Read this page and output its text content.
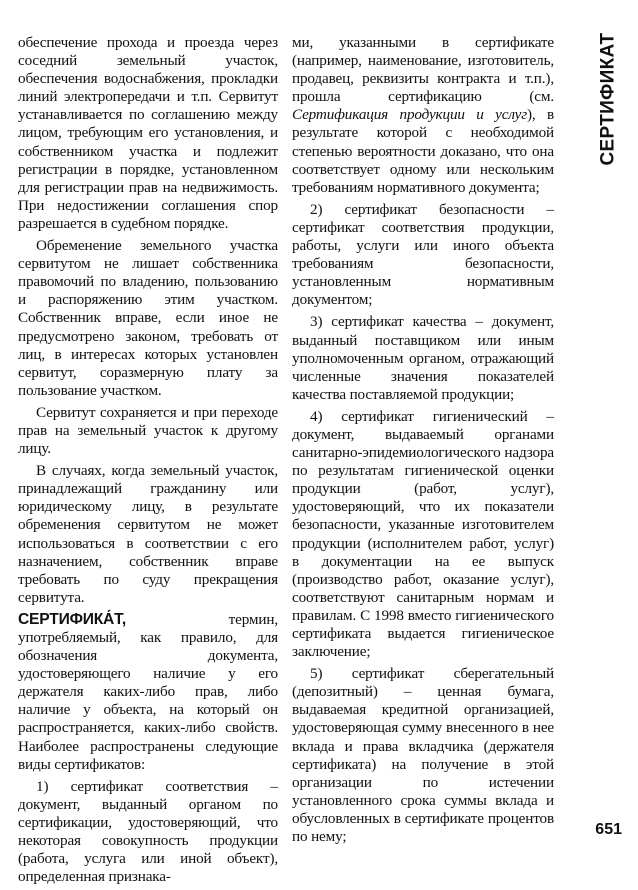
обеспечение прохода и проезда через соседний земельный участок, обеспечения водоснабжения, прокладки линий электропередачи и т.п. Сервитут устанавливается по соглашению между лицом, требующим его установления, и собственником участка и подлежит регистрации в порядке, установленном для регистрации прав на недвижимость. При недостижении соглашения спор разрешается в судебном порядке.

Обременение земельного участка сервитутом не лишает собственника правомочий по владению, пользованию и распоряжению этим участком. Собственник вправе, если иное не предусмотрено законом, требовать от лиц, в интересах которых установлен сервитут, соразмерную плату за пользование участком.

Сервитут сохраняется и при переходе прав на земельный участок к другому лицу.

В случаях, когда земельный участок, принадлежащий гражданину или юридическому лицу, в результате обременения сервитутом не может использоваться в соответствии с его назначением, собственник вправе требовать по суду прекращения сервитута.

СЕРТИФИКА́Т, термин, употребляемый, как правило, для обозначения документа, удостоверяющего наличие у его держателя каких-либо прав, либо наличие у объекта, на который он распространяется, каких-либо свойств. Наиболее распространены следующие виды сертификатов:

1) сертификат соответствия – документ, выданный органом по сертификации, удостоверяющий, что некоторая совокупность продукции (работа, услуга или иной объект), определенная признака-

ми, указанными в сертификате (например, наименование, изготовитель, продавец, реквизиты контракта и т.п.), прошла сертификацию (см. Сертификация продукции и услуг), в результате которой с необходимой степенью вероятности доказано, что она соответствует одному или нескольким требованиям нормативного документа;

2) сертификат безопасности – сертификат соответствия продукции, работы, услуги или иного объекта требованиям безопасности, установленным нормативным документом;

3) сертификат качества – документ, выданный поставщиком или иным уполномоченным органом, отражающий численные значения показателей качества поставляемой продукции;

4) сертификат гигиенический – документ, выдаваемый органами санитарно-эпидемиологического надзора по результатам гигиенической оценки продукции (работ, услуг), удостоверяющий, что их показатели безопасности, указанные изготовителем продукции (исполнителем работ, услуг) в документации на ее выпуск (производство работ, оказание услуг), соответствуют санитарным нормам и правилам. С 1998 вместо гигиенического сертификата выдается гигиеническое заключение;

5) сертификат сберегательный (депозитный) – ценная бумага, выдаваемая кредитной организацией, удостоверяющая сумму внесенного в нее вклада и права вкладчика (держателя сертификата) на получение в этой организации по истечении установленного срока суммы вклада и обусловленных в сертификате процентов по нему;

СЕРТИФИКАТ
651
